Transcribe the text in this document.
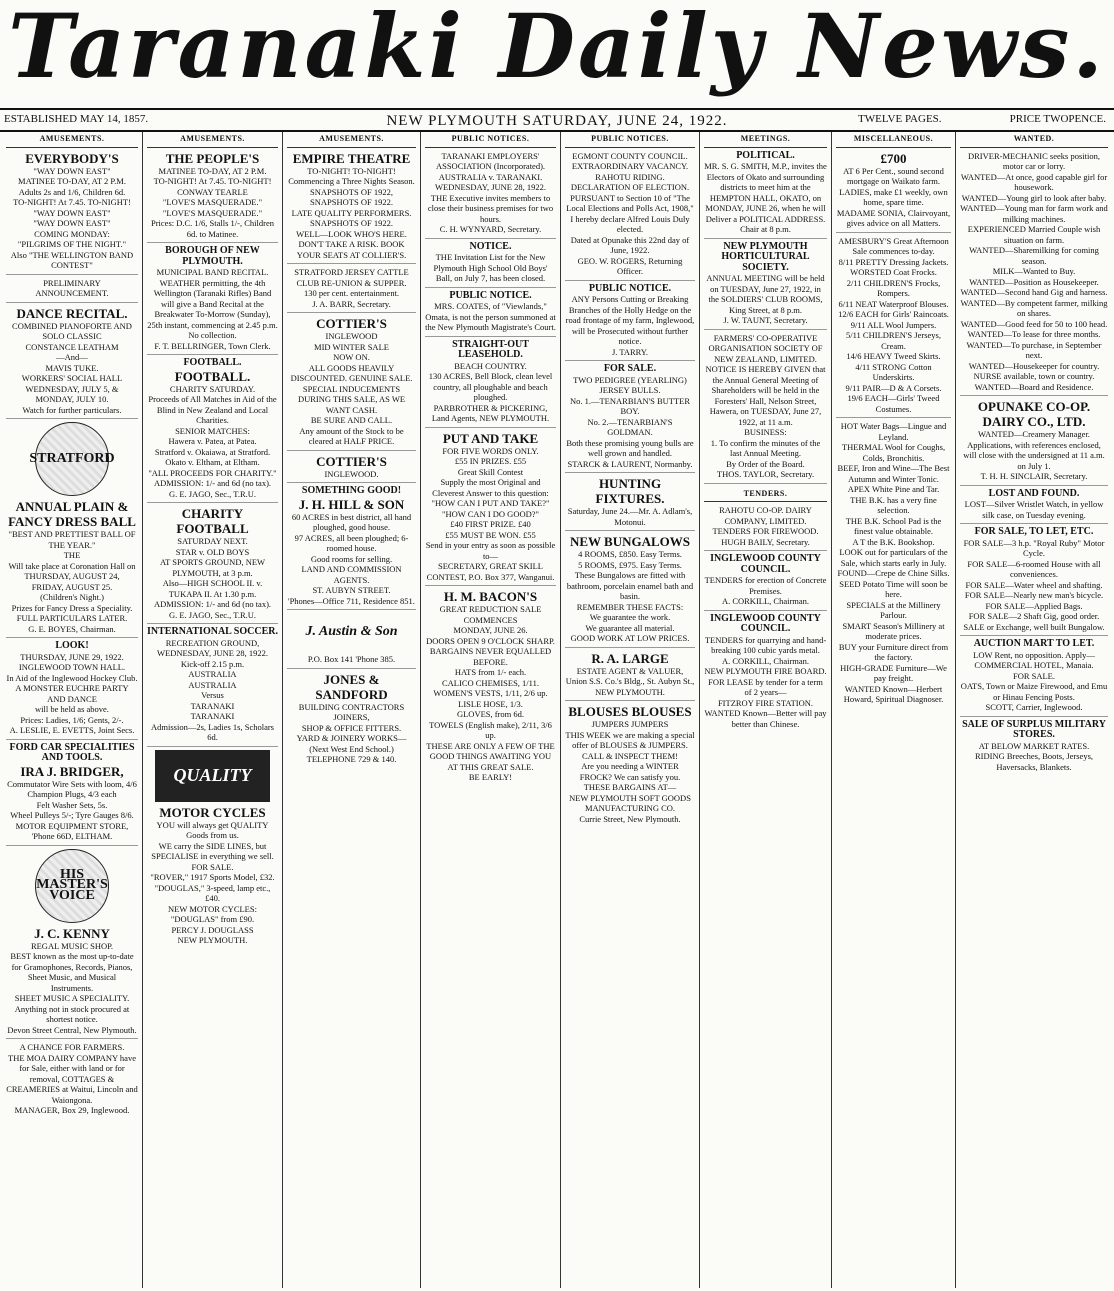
Taranaki Daily News.
ESTABLISHED MAY 14, 1857.	NEW PLYMOUTH SATURDAY, JUNE 24, 1922.	TWELVE PAGES.	PRICE TWOPENCE.
AMUSEMENTS.
EVERYBODY'S
"WAY DOWN EAST"
MATINEE TO-DAY, AT 2 P.M.
Adults 2s and 1/6, Children 6d.
TO-NIGHT! At 7.45. TO-NIGHT!
"WAY DOWN EAST"
"WAY DOWN EAST"
COMING MONDAY:
"PILGRIMS OF THE NIGHT."
Also "THE WELLINGTON BAND CONTEST"
PRELIMINARY ANNOUNCEMENT.
DANCE RECITAL.
COMBINED PIANOFORTE AND SOLO CLASSIC
CONSTANCE LEATHAM
—And—
MAVIS TUKE.
WORKERS' SOCIAL HALL
WEDNESDAY, JULY 5, & MONDAY, JULY 10.
Watch for further particulars.
STRATFORD
ANNUAL PLAIN & FANCY DRESS BALL
"BEST AND PRETTIEST BALL OF THE YEAR."
THE
Will take place at Coronation Hall on
THURSDAY, AUGUST 24,
FRIDAY, AUGUST 25.
(Children's Night.)
Prizes for Fancy Dress a Speciality.
FULL PARTICULARS LATER.
G. E. BOYES, Chairman.
LOOK!
THURSDAY, JUNE 29, 1922.
INGLEWOOD TOWN HALL.
In Aid of the Inglewood Hockey Club.
A MONSTER EUCHRE PARTY AND DANCE
will be held as above.
Prices: Ladies, 1/6; Gents, 2/-.
A. LESLIE, E. EVETTS, Joint Secs.
FORD CAR SPECIALITIES AND TOOLS.
IRA J. BRIDGER,
Commutator Wire Sets with loom, 4/6
Champion Plugs, 4/3 each
Felt Washer Sets, 5s.
Wheel Pulleys 5/-; Tyre Gauges 8/6.
MOTOR EQUIPMENT STORE,
'Phone 66D, ELTHAM.
HIS MASTER'S VOICE
J. C. KENNY
REGAL MUSIC SHOP.
BEST known as the most up-to-date for Gramophones, Records, Pianos, Sheet Music, and Musical Instruments.
SHEET MUSIC A SPECIALITY.
Anything not in stock procured at shortest notice.
Devon Street Central, New Plymouth.
A CHANCE FOR FARMERS.
THE MOA DAIRY COMPANY have for Sale, either with land or for removal, COTTAGES & CREAMERIES at Waitui, Lincoln and Waiongona.
MANAGER, Box 29, Inglewood.
AMUSEMENTS.
THE PEOPLE'S
MATINEE TO-DAY, AT 2 P.M.
TO-NIGHT! At 7.45. TO-NIGHT!
CONWAY TEARLE
"LOVE'S MASQUERADE."
"LOVE'S MASQUERADE."
Prices: D.C. 1/6, Stalls 1/-, Children 6d. to Matinee.
BOROUGH OF NEW PLYMOUTH.
MUNICIPAL BAND RECITAL.
WEATHER permitting, the 4th Wellington (Taranaki Rifles) Band will give a Band Recital at the Breakwater To-Morrow (Sunday), 25th instant, commencing at 2.45 p.m. No collection.
F. T. BELLRINGER, Town Clerk.
FOOTBALL.
FOOTBALL.
CHARITY SATURDAY.
Proceeds of All Matches in Aid of the Blind in New Zealand and Local Charities.
SENIOR MATCHES:
Hawera v. Patea, at Patea.
Stratford v. Okaiawa, at Stratford.
Okato v. Eltham, at Eltham.
"ALL PROCEEDS FOR CHARITY."
ADMISSION: 1/- and 6d (no tax).
G. E. JAGO, Sec., T.R.U.
CHARITY FOOTBALL
SATURDAY NEXT.
STAR v. OLD BOYS
AT SPORTS GROUND, NEW PLYMOUTH, at 3 p.m.
Also—HIGH SCHOOL II. v. TUKAPA II. At 1.30 p.m.
ADMISSION: 1/- and 6d (no tax).
G. E. JAGO, Sec., T.R.U.
INTERNATIONAL SOCCER.
RECREATION GROUND,
WEDNESDAY, JUNE 28, 1922.
Kick-off 2.15 p.m.
AUSTRALIA
AUSTRALIA
Versus
TARANAKI
TARANAKI
Admission—2s, Ladies 1s, Scholars 6d.
QUALITY
MOTOR CYCLES
YOU will always get QUALITY Goods from us.
WE carry the SIDE LINES, but SPECIALISE in everything we sell.
FOR SALE.
"ROVER," 1917 Sports Model, £32.
"DOUGLAS," 3-speed, lamp etc., £40.
NEW MOTOR CYCLES:
"DOUGLAS" from £90.
PERCY J. DOUGLASS
NEW PLYMOUTH.
AMUSEMENTS.
EMPIRE THEATRE
TO-NIGHT! TO-NIGHT!
Commencing a Three Nights Season.
SNAPSHOTS OF 1922,
SNAPSHOTS OF 1922.
LATE QUALITY PERFORMERS.
SNAPSHOTS OF 1922.
WELL—LOOK WHO'S HERE.
DON'T TAKE A RISK. BOOK YOUR SEATS AT COLLIER'S.
STRATFORD JERSEY CATTLE CLUB RE-UNION & SUPPER.
130 per cent. entertainment.
J. A. BARR, Secretary.
COTTIER'S
INGLEWOOD
MID WINTER SALE
NOW ON.
ALL GOODS HEAVILY DISCOUNTED. GENUINE SALE.
SPECIAL INDUCEMENTS DURING THIS SALE, AS WE WANT CASH.
BE SURE AND CALL.
Any amount of the Stock to be cleared at HALF PRICE.
COTTIER'S
INGLEWOOD.
SOMETHING GOOD!
J. H. HILL & SON
60 ACRES in best district, all hand ploughed, good house.
97 ACRES, all been ploughed; 6-roomed house.
Good rooms for selling.
LAND AND COMMISSION AGENTS.
ST. AUBYN STREET.
'Phones—Office 711, Residence 851.
J. Austin & Son
P.O. Box 141 'Phone 385.
JONES & SANDFORD
BUILDING CONTRACTORS JOINERS,
SHOP & OFFICE FITTERS.
YARD & JOINERY WORKS—
(Next West End School.)
TELEPHONE 729 & 140.
PUBLIC NOTICES.
TARANAKI EMPLOYERS' ASSOCIATION (Incorporated).
AUSTRALIA v. TARANAKI.
WEDNESDAY, JUNE 28, 1922.
THE Executive invites members to close their business premises for two hours.
C. H. WYNYARD, Secretary.
NOTICE.
THE Invitation List for the New Plymouth High School Old Boys' Ball, on July 7, has been closed.
PUBLIC NOTICE.
MRS. COATES, of "Viewlands," Omata, is not the person summoned at the New Plymouth Magistrate's Court.
STRAIGHT-OUT LEASEHOLD.
BEACH COUNTRY.
130 ACRES, Bell Block, clean level country, all ploughable and beach ploughed.
PARBROTHER & PICKERING, Land Agents, NEW PLYMOUTH.
PUT AND TAKE
FOR FIVE WORDS ONLY.
£55 IN PRIZES. £55
Great Skill Contest
Supply the most Original and Cleverest Answer to this question:
"HOW CAN I PUT AND TAKE?"
"HOW CAN I DO GOOD?"
£40 FIRST PRIZE. £40
£55 MUST BE WON. £55
Send in your entry as soon as possible to—
SECRETARY, GREAT SKILL CONTEST, P.O. Box 377, Wanganui.
H. M. BACON'S
GREAT REDUCTION SALE COMMENCES
MONDAY, JUNE 26.
DOORS OPEN 9 O'CLOCK SHARP.
BARGAINS NEVER EQUALLED BEFORE.
HATS from 1/- each.
CALICO CHEMISES, 1/11.
WOMEN'S VESTS, 1/11, 2/6 up.
LISLE HOSE, 1/3.
GLOVES, from 6d.
TOWELS (English make), 2/11, 3/6 up.
THESE ARE ONLY A FEW OF THE GOOD THINGS AWAITING YOU AT THIS GREAT SALE.
BE EARLY!
PUBLIC NOTICES.
EGMONT COUNTY COUNCIL.
EXTRAORDINARY VACANCY. RAHOTU RIDING.
DECLARATION OF ELECTION.
PURSUANT to Section 10 of "The Local Elections and Polls Act, 1908," I hereby declare Alfred Louis Duly elected.
Dated at Opunake this 22nd day of June, 1922.
GEO. W. ROGERS, Returning Officer.
PUBLIC NOTICE.
ANY Persons Cutting or Breaking Branches of the Holly Hedge on the road frontage of my farm, Inglewood, will be Prosecuted without further notice.
J. TARRY.
FOR SALE.
TWO PEDIGREE (YEARLING) JERSEY BULLS.
No. 1.—TENARBIAN'S BUTTER BOY.
No. 2.—TENARBIAN'S GOLDMAN.
Both these promising young bulls are well grown and handled.
STARCK & LAURENT, Normanby.
HUNTING FIXTURES.
Saturday, June 24.—Mr. A. Adlam's, Motonui.
NEW BUNGALOWS
4 ROOMS, £850. Easy Terms.
5 ROOMS, £975. Easy Terms.
These Bungalows are fitted with bathroom, porcelain enamel bath and basin.
REMEMBER THESE FACTS:
We guarantee the work.
We guarantee all material.
GOOD WORK AT LOW PRICES.
R. A. LARGE
ESTATE AGENT & VALUER,
Union S.S. Co.'s Bldg., St. Aubyn St., NEW PLYMOUTH.
BLOUSES BLOUSES
JUMPERS JUMPERS
THIS WEEK we are making a special offer of BLOUSES & JUMPERS.
CALL & INSPECT THEM!
Are you needing a WINTER FROCK? We can satisfy you.
THESE BARGAINS AT—
NEW PLYMOUTH SOFT GOODS MANUFACTURING CO.
Currie Street, New Plymouth.
MEETINGS.
POLITICAL.
MR. S. G. SMITH, M.P., invites the Electors of Okato and surrounding districts to meet him at the HEMPTON HALL, OKATO, on MONDAY, JUNE 26, when he will Deliver a POLITICAL ADDRESS.
Chair at 8 p.m.
NEW PLYMOUTH HORTICULTURAL SOCIETY.
ANNUAL MEETING will be held on TUESDAY, June 27, 1922, in the SOLDIERS' CLUB ROOMS, King Street, at 8 p.m.
J. W. TAUNT, Secretary.
FARMERS' CO-OPERATIVE ORGANISATION SOCIETY OF NEW ZEALAND, LIMITED.
NOTICE IS HEREBY GIVEN that the Annual General Meeting of Shareholders will be held in the Foresters' Hall, Nelson Street, Hawera, on TUESDAY, June 27, 1922, at 11 a.m.
BUSINESS:
1. To confirm the minutes of the last Annual Meeting.
By Order of the Board.
THOS. TAYLOR, Secretary.
TENDERS.
RAHOTU CO-OP. DAIRY COMPANY, LIMITED.
TENDERS FOR FIREWOOD.
HUGH BAILY, Secretary.
INGLEWOOD COUNTY COUNCIL.
TENDERS for erection of Concrete Premises.
A. CORKILL, Chairman.
INGLEWOOD COUNTY COUNCIL.
TENDERS for quarrying and hand-breaking 100 cubic yards metal.
A. CORKILL, Chairman.
NEW PLYMOUTH FIRE BOARD.
FOR LEASE by tender for a term of 2 years—
FITZROY FIRE STATION.
WANTED Known—Better will pay better than Chinese.
MISCELLANEOUS.
£700
AT 6 Per Cent., sound second mortgage on Waikato farm.
LADIES, make £1 weekly, own home, spare time.
MADAME SONIA, Clairvoyant, gives advice on all Matters.
AMESBURY'S Great Afternoon Sale commences to-day.
8/11 PRETTY Dressing Jackets.
WORSTED Coat Frocks.
2/11 CHILDREN'S Frocks, Rompers.
6/11 NEAT Waterproof Blouses.
12/6 EACH for Girls' Raincoats.
9/11 ALL Wool Jumpers.
5/11 CHILDREN'S Jerseys, Cream.
14/6 HEAVY Tweed Skirts.
4/11 STRONG Cotton Underskirts.
9/11 PAIR—D & A Corsets.
19/6 EACH—Girls' Tweed Costumes.
HOT Water Bags—Lingue and Leyland.
THERMAL Wool for Coughs, Colds, Bronchitis.
BEEF, Iron and Wine—The Best Autumn and Winter Tonic.
APEX White Pine and Tar.
THE B.K. has a very fine selection.
THE B.K. School Pad is the finest value obtainable.
A T the B.K. Bookshop.
LOOK out for particulars of the Sale, which starts early in July.
FOUND—Crepe de Chine Silks.
SEED Potato Time will soon be here.
SPECIALS at the Millinery Parlour.
SMART Season's Millinery at moderate prices.
BUY your Furniture direct from the factory.
HIGH-GRADE Furniture—We pay freight.
WANTED Known—Herbert Howard, Spiritual Diagnoser.
WANTED.
DRIVER-MECHANIC seeks position, motor car or lorry.
WANTED—At once, good capable girl for housework.
WANTED—Young girl to look after baby.
WANTED—Young man for farm work and milking machines.
EXPERIENCED Married Couple wish situation on farm.
WANTED—Sharemilking for coming season.
MILK—Wanted to Buy.
WANTED—Position as Housekeeper.
WANTED—Second hand Gig and harness.
WANTED—By competent farmer, milking on shares.
WANTED—Good feed for 50 to 100 head.
WANTED—To lease for three months.
WANTED—To purchase, in September next.
WANTED—Housekeeper for country.
NURSE available, town or country.
WANTED—Board and Residence.
OPUNAKE CO-OP. DAIRY CO., LTD.
WANTED—Creamery Manager.
Applications, with references enclosed, will close with the undersigned at 11 a.m. on July 1.
T. H. H. SINCLAIR, Secretary.
LOST AND FOUND.
LOST—Silver Wristlet Watch, in yellow silk case, on Tuesday evening.
FOR SALE, TO LET, ETC.
FOR SALE—3 h.p. "Royal Ruby" Motor Cycle.
FOR SALE—6-roomed House with all conveniences.
FOR SALE—Water wheel and shafting.
FOR SALE—Nearly new man's bicycle.
FOR SALE—Applied Bags.
FOR SALE—2 Shaft Gig, good order.
SALE or Exchange, well built Bungalow.
AUCTION MART TO LET.
LOW Rent, no opposition. Apply—
COMMERCIAL HOTEL, Manaia.
FOR SALE.
OATS, Town or Maize Firewood, and Emu or Hinau Fencing Posts.
SCOTT, Carrier, Inglewood.
SALE OF SURPLUS MILITARY STORES.
AT BELOW MARKET RATES.
RIDING Breeches, Boots, Jerseys, Haversacks, Blankets.
